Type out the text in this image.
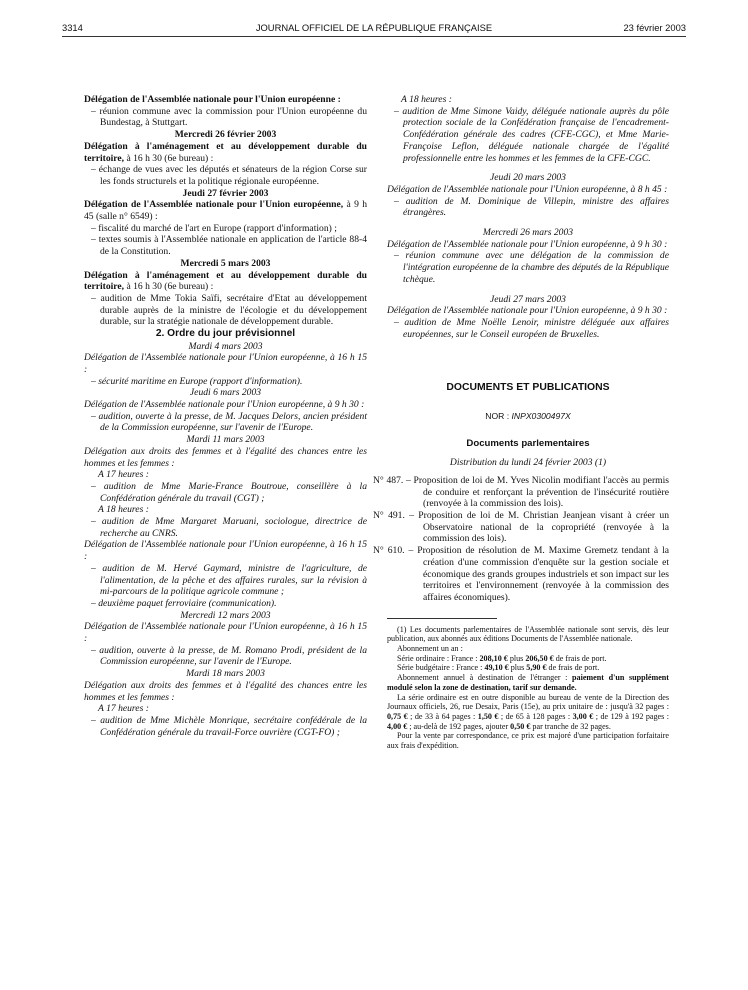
3314	JOURNAL OFFICIEL DE LA RÉPUBLIQUE FRANÇAISE	23 février 2003

Délégation de l'Assemblée nationale pour l'Union européenne :

– réunion commune avec la commission pour l'Union européenne du Bundestag, à Stuttgart.

Mercredi 26 février 2003

Délégation à l'aménagement et au développement durable du territoire, à 16 h 30 (6e bureau) :

– échange de vues avec les députés et sénateurs de la région Corse sur les fonds structurels et la politique régionale européenne.

Jeudi 27 février 2003

Délégation de l'Assemblée nationale pour l'Union européenne, à 9 h 45 (salle n° 6549) :

– fiscalité du marché de l'art en Europe (rapport d'information) ;

– textes soumis à l'Assemblée nationale en application de l'article 88-4 de la Constitution.

Mercredi 5 mars 2003

Délégation à l'aménagement et au développement durable du territoire, à 16 h 30 (6e bureau) :

– audition de Mme Tokia Saïfi, secrétaire d'Etat au développement durable auprès de la ministre de l'écologie et du développement durable, sur la stratégie nationale de développement durable.

2. Ordre du jour prévisionnel

Mardi 4 mars 2003

Délégation de l'Assemblée nationale pour l'Union européenne, à 16 h 15 :

– sécurité maritime en Europe (rapport d'information).

Jeudi 6 mars 2003

Délégation de l'Assemblée nationale pour l'Union européenne, à 9 h 30 :

– audition, ouverte à la presse, de M. Jacques Delors, ancien président de la Commission européenne, sur l'avenir de l'Europe.

Mardi 11 mars 2003

Délégation aux droits des femmes et à l'égalité des chances entre les hommes et les femmes :

A 17 heures :

– audition de Mme Marie-France Boutroue, conseillère à la Confédération générale du travail (CGT) ;

A 18 heures :

– audition de Mme Margaret Maruani, sociologue, directrice de recherche au CNRS.

Délégation de l'Assemblée nationale pour l'Union européenne, à 16 h 15 :

– audition de M. Hervé Gaymard, ministre de l'agriculture, de l'alimentation, de la pêche et des affaires rurales, sur la révision à mi-parcours de la politique agricole commune ;

– deuxième paquet ferroviaire (communication).

Mercredi 12 mars 2003

Délégation de l'Assemblée nationale pour l'Union européenne, à 16 h 15 :

– audition, ouverte à la presse, de M. Romano Prodi, président de la Commission européenne, sur l'avenir de l'Europe.

Mardi 18 mars 2003

Délégation aux droits des femmes et à l'égalité des chances entre les hommes et les femmes :

A 17 heures :

– audition de Mme Michèle Monrique, secrétaire confédérale de la Confédération générale du travail-Force ouvrière (CGT-FO) ;

A 18 heures :

– audition de Mme Simone Vaidy, déléguée nationale auprès du pôle protection sociale de la Confédération française de l'encadrement-Confédération générale des cadres (CFE-CGC), et Mme Marie-Françoise Leflon, déléguée nationale chargée de l'égalité professionnelle entre les hommes et les femmes de la CFE-CGC.

Jeudi 20 mars 2003

Délégation de l'Assemblée nationale pour l'Union européenne, à 8 h 45 :

– audition de M. Dominique de Villepin, ministre des affaires étrangères.

Mercredi 26 mars 2003

Délégation de l'Assemblée nationale pour l'Union européenne, à 9 h 30 :

– réunion commune avec une délégation de la commission de l'intégration européenne de la chambre des députés de la République tchèque.

Jeudi 27 mars 2003

Délégation de l'Assemblée nationale pour l'Union européenne, à 9 h 30 :

– audition de Mme Noëlle Lenoir, ministre déléguée aux affaires européennes, sur le Conseil européen de Bruxelles.

DOCUMENTS ET PUBLICATIONS

NOR : INPX0300497X

Documents parlementaires

Distribution du lundi 24 février 2003 (1)

N° 487. – Proposition de loi de M. Yves Nicolin modifiant l'accès au permis de conduire et renforçant la prévention de l'insécurité routière (renvoyée à la commission des lois).

N° 491. – Proposition de loi de M. Christian Jeanjean visant à créer un Observatoire national de la copropriété (renvoyée à la commission des lois).

N° 610. – Proposition de résolution de M. Maxime Gremetz tendant à la création d'une commission d'enquête sur la gestion sociale et économique des grands groupes industriels et son impact sur les territoires et l'environnement (renvoyée à la commission des affaires économiques).

(1) Les documents parlementaires de l'Assemblée nationale sont servis, dès leur publication, aux abonnés aux éditions Documents de l'Assemblée nationale.

Abonnement un an :

Série ordinaire : France : 208,10 € plus 206,50 € de frais de port.

Série budgétaire : France : 49,10 € plus 5,90 € de frais de port.

Abonnement annuel à destination de l'étranger : paiement d'un supplément modulé selon la zone de destination, tarif sur demande.

La série ordinaire est en outre disponible au bureau de vente de la Direction des Journaux officiels, 26, rue Desaix, Paris (15e), au prix unitaire de : jusqu'à 32 pages : 0,75 € ; de 33 à 64 pages : 1,50 € ; de 65 à 128 pages : 3,00 € ; de 129 à 192 pages : 4,00 € ; au-delà de 192 pages, ajouter 0,50 € par tranche de 32 pages.

Pour la vente par correspondance, ce prix est majoré d'une participation forfaitaire aux frais d'expédition.
